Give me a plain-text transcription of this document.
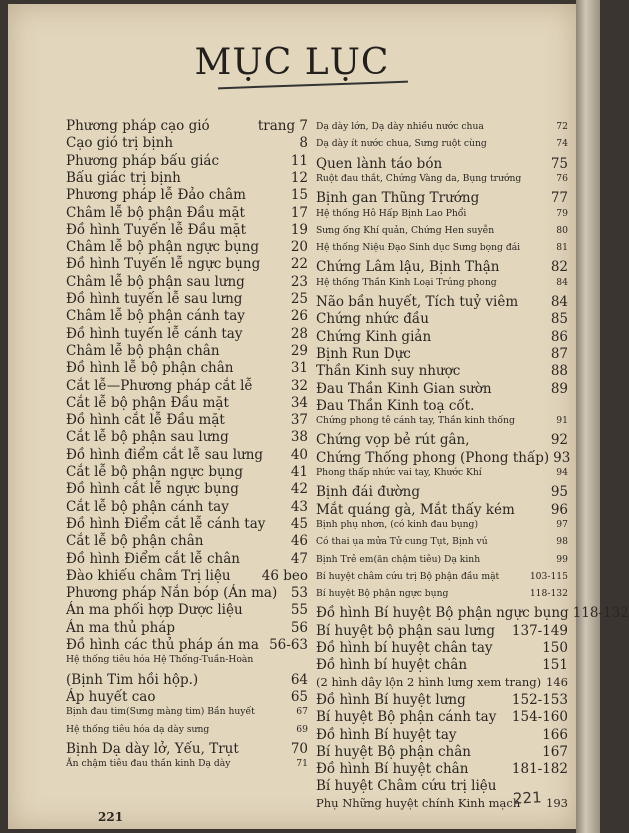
MỤC LỤC
Phương pháp cạo gió	trang 7
Cạo gió trị bịnh	8
Phương pháp bấu giác	11
Bấu giác trị bịnh	12
Phương pháp lễ Đảo châm	15
Châm lễ bộ phận Đầu mặt	17
Đồ hình Tuyến lễ Đầu mặt	19
Châm lễ bộ phận ngực bụng	20
Đồ hình Tuyến lễ ngực bụng	22
Châm lễ bộ phận sau lưng	23
Đồ hình tuyến lễ sau lưng	25
Châm lễ bộ phận cánh tay	26
Đồ hình tuyến lễ cánh tay	28
Châm lễ bộ phận chân	29
Đồ hình lễ bộ phận chân	31
Cắt lễ—Phương pháp cắt lễ	32
Cắt lễ bộ phận Đầu mặt	34
Đồ hình cắt lễ Đầu mặt	37
Cắt lễ bộ phận sau lưng	38
Đồ hình điểm cắt lễ sau lưng	40
Cắt lễ bộ phận ngực bụng	41
Đồ hình cắt lễ ngực bụng	42
Cắt lễ bộ phận cánh tay	43
Đồ hình Điểm cắt lễ cánh tay	45
Cắt lễ bộ phận chân	46
Đồ hình Điểm cắt lễ chân	47
Đào khiếu châm Trị liệu	46 beo
Phương pháp Nắn bóp (Án ma)	53
Án ma phối hợp Dược liệu	55
Án ma thủ pháp	56
Đồ hình các thủ pháp án ma 56-63
Hệ thống tiêu hóa Hệ Thống-Tuần-Hoàn
(Bịnh Tim hồi hộp.)	64
Áp huyết cao	65
Bịnh đau tim(Sưng màng tim) Bần huyết	67
Hệ thống tiêu hóa dạ dày sưng	69
Bịnh Dạ dày lở, Yếu, Trụt	70
Ăn chậm tiêu đau thần kinh Dạ dày	71
Dạ dày lớn, Dạ dày nhiều nước chua	72
Dạ dày ít nước chua, Sưng ruột cùng	74
Quen lành táo bón	75
Ruột đau thắt, Chứng Vàng da, Bụng trướng	76
Bịnh gan Thũng Trướng	77
Hệ thống Hô Hấp Bịnh Lao Phổi	79
Sưng ống Khí quản, Chứng Hen suyễn	80
Hệ thống Niệu Đạo Sinh dục Sưng bọng đái	81
Chứng Lâm lậu, Bịnh Thận	82
Hệ thống Thần Kinh Loại Trúng phong	84
Não bần huyết, Tích tuỷ viêm	84
Chứng nhức đầu	85
Chứng Kinh giản	86
Bịnh Run Dực	87
Thần Kinh suy nhược	88
Đau Thần Kinh Gian sườn	89
Đau Thần Kinh toạ cốt.
Chứng phong tê cánh tay, Thần kinh thống	91
Chứng vọp bẻ rút gân,	92
Chứng Thống phong (Phong thấp) 93
Phong thấp nhức vai tay, Khước Khí	94
Bịnh đái đường	95
Mắt quáng gà, Mắt thấy kém	96
Bịnh phụ nhơn, (có kinh đau bụng)	97
Có thai ụa mửa Tử cung Tụt, Bịnh vú	98
Bịnh Trẻ em(ăn chậm tiêu) Dạ kinh	99
Bí huyệt châm cứu trị Bộ phận đầu mặt	103-115
Bí huyệt Bộ phận ngực bụng	118-132
Đồ hình Bí huyệt Bộ phận ngực bụng 118-132
Bí huyệt bộ phận sau lưng	137-149
Đồ hình bí huyệt chân tay	150
Đồ hình bí huyệt chân	151
(2 hình dây lộn 2 hình lưng xem trang) 146
Đồ hình Bí huyệt lưng	152-153
Bí huyệt Bộ phận cánh tay	154-160
Đồ hình Bí huyệt tay	166
Bí huyệt Bộ phận chân	167
Đồ hình Bí huyệt chân	181-182
Bí huyệt Châm cứu trị liệu
Phụ Những huyệt chính Kinh mạch	193
221
221
